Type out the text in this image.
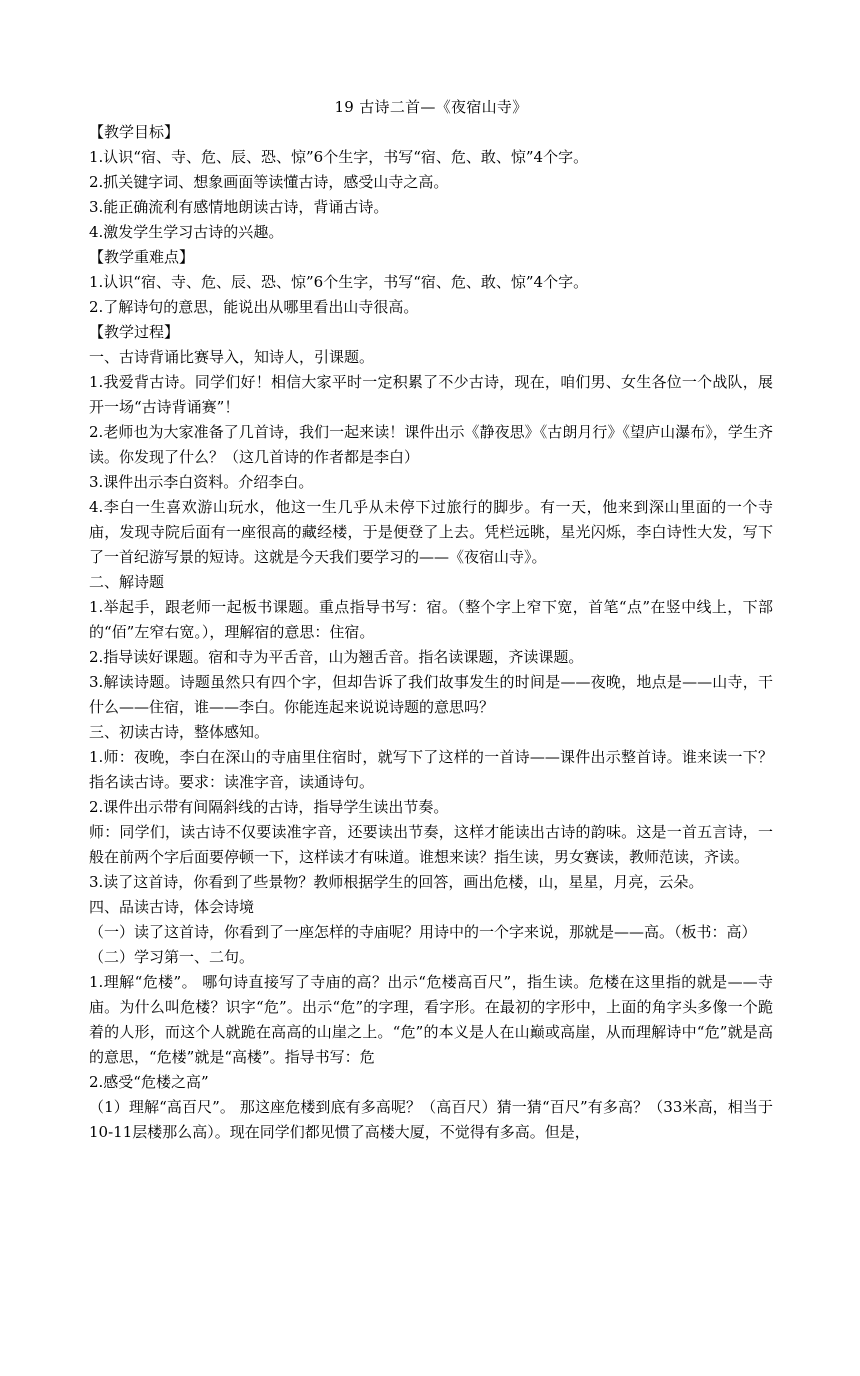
19 古诗二首—《夜宿山寺》

【教学目标】

1.认识“宿、寺、危、辰、恐、惊”6个生字，书写“宿、危、敢、惊”4个字。

2.抓关键字词、想象画面等读懂古诗，感受山寺之高。

3.能正确流利有感情地朗读古诗，背诵古诗。

4.激发学生学习古诗的兴趣。

【教学重难点】

1.认识“宿、寺、危、辰、恐、惊”6个生字，书写“宿、危、敢、惊”4个字。

2.了解诗句的意思，能说出从哪里看出山寺很高。

【教学过程】

一、古诗背诵比赛导入，知诗人，引课题。

1.我爱背古诗。同学们好！相信大家平时一定积累了不少古诗，现在，咱们男、女生各位一个战队，展开一场“古诗背诵赛”！

2.老师也为大家准备了几首诗，我们一起来读！课件出示《静夜思》《古朗月行》《望庐山瀑布》，学生齐读。你发现了什么？（这几首诗的作者都是李白）

3.课件出示李白资料。介绍李白。

4.李白一生喜欢游山玩水，他这一生几乎从未停下过旅行的脚步。有一天，他来到深山里面的一个寺庙，发现寺院后面有一座很高的藏经楼，于是便登了上去。凭栏远眺，星光闪烁，李白诗性大发，写下了一首纪游写景的短诗。这就是今天我们要学习的——《夜宿山寺》。

二、解诗题

1.举起手，跟老师一起板书课题。重点指导书写：宿。（整个字上窄下宽，首笔“点”在竖中线上，下部的“佰”左窄右宽。），理解宿的意思：住宿。

2.指导读好课题。宿和寺为平舌音，山为翘舌音。指名读课题，齐读课题。

3.解读诗题。诗题虽然只有四个字，但却告诉了我们故事发生的时间是——夜晚，地点是——山寺，干什么——住宿，谁——李白。你能连起来说说诗题的意思吗？

三、初读古诗，整体感知。

1.师：夜晚，李白在深山的寺庙里住宿时，就写下了这样的一首诗——课件出示整首诗。谁来读一下？指名读古诗。要求：读准字音，读通诗句。

2.课件出示带有间隔斜线的古诗，指导学生读出节奏。

师：同学们，读古诗不仅要读准字音，还要读出节奏，这样才能读出古诗的韵味。这是一首五言诗，一般在前两个字后面要停顿一下，这样读才有味道。谁想来读？指生读，男女赛读，教师范读，齐读。

3.读了这首诗，你看到了些景物？教师根据学生的回答，画出危楼，山，星星，月亮，云朵。

四、品读古诗，体会诗境

（一）读了这首诗，你看到了一座怎样的寺庙呢？用诗中的一个字来说，那就是——高。（板书：高）

（二）学习第一、二句。

1.理解“危楼”。 哪句诗直接写了寺庙的高？出示“危楼高百尺”，指生读。危楼在这里指的就是——寺庙。为什么叫危楼？识字“危”。出示“危”的字理，看字形。在最初的字形中，上面的角字头多像一个跪着的人形，而这个人就跪在高高的山崖之上。“危”的本义是人在山巅或高崖，从而理解诗中“危”就是高的意思，“危楼”就是“高楼”。指导书写：危

2.感受“危楼之高”

（1）理解“高百尺”。 那这座危楼到底有多高呢？（高百尺）猜一猜“百尺”有多高？（33米高，相当于10-11层楼那么高）。现在同学们都见惯了高楼大厦，不觉得有多高。但是，
